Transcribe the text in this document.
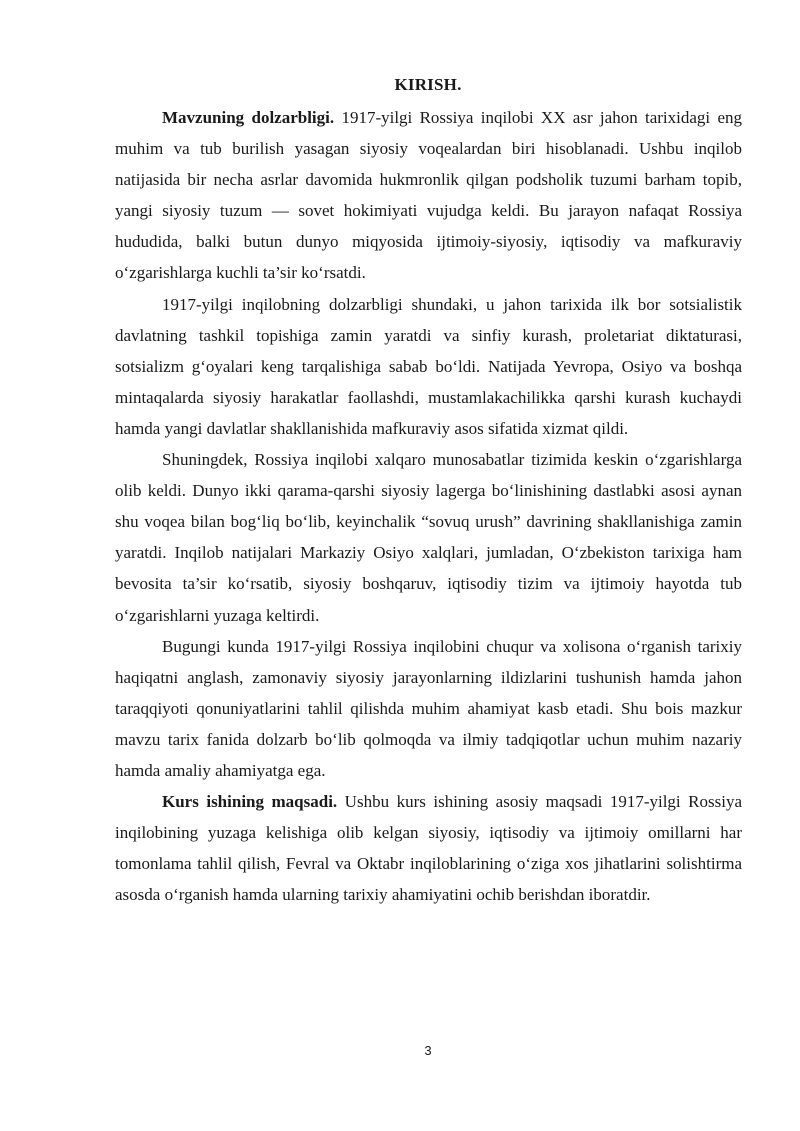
KIRISH.

Mavzuning dolzarbligi. 1917-yilgi Rossiya inqilobi XX asr jahon tarixidagi eng muhim va tub burilish yasagan siyosiy voqealardan biri hisoblanadi. Ushbu inqilob natijasida bir necha asrlar davomida hukmronlik qilgan podsholik tuzumi barham topib, yangi siyosiy tuzum — sovet hokimiyati vujudga keldi. Bu jarayon nafaqat Rossiya hududida, balki butun dunyo miqyosida ijtimoiy-siyosiy, iqtisodiy va mafkuraviy o‘zgarishlarga kuchli ta’sir ko‘rsatdi.

1917-yilgi inqilobning dolzarbligi shundaki, u jahon tarixida ilk bor sotsialistik davlatning tashkil topishiga zamin yaratdi va sinfiy kurash, proletariat diktaturasi, sotsializm g‘oyalari keng tarqalishiga sabab bo‘ldi. Natijada Yevropa, Osiyo va boshqa mintaqalarda siyosiy harakatlar faollashdi, mustamlakachilikka qarshi kurash kuchaydi hamda yangi davlatlar shakllanishida mafkuraviy asos sifatida xizmat qildi.

Shuningdek, Rossiya inqilobi xalqaro munosabatlar tizimida keskin o‘zgarishlarga olib keldi. Dunyo ikki qarama-qarshi siyosiy lagerga bo‘linishining dastlabki asosi aynan shu voqea bilan bog‘liq bo‘lib, keyinchalik “sovuq urush” davrining shakllanishiga zamin yaratdi. Inqilob natijalari Markaziy Osiyo xalqlari, jumladan, O‘zbekiston tarixiga ham bevosita ta’sir ko‘rsatib, siyosiy boshqaruv, iqtisodiy tizim va ijtimoiy hayotda tub o‘zgarishlarni yuzaga keltirdi.

Bugungi kunda 1917-yilgi Rossiya inqilobini chuqur va xolisona o‘rganish tarixiy haqiqatni anglash, zamonaviy siyosiy jarayonlarning ildizlarini tushunish hamda jahon taraqqiyoti qonuniyatlarini tahlil qilishda muhim ahamiyat kasb etadi. Shu bois mazkur mavzu tarix fanida dolzarb bo‘lib qolmoqda va ilmiy tadqiqotlar uchun muhim nazariy hamda amaliy ahamiyatga ega.

Kurs ishining maqsadi. Ushbu kurs ishining asosiy maqsadi 1917-yilgi Rossiya inqilobining yuzaga kelishiga olib kelgan siyosiy, iqtisodiy va ijtimoiy omillarni har tomonlama tahlil qilish, Fevral va Oktabr inqiloblarining o‘ziga xos jihatlarini solishtirma asosda o‘rganish hamda ularning tarixiy ahamiyatini ochib berishdan iboratdir.

3
